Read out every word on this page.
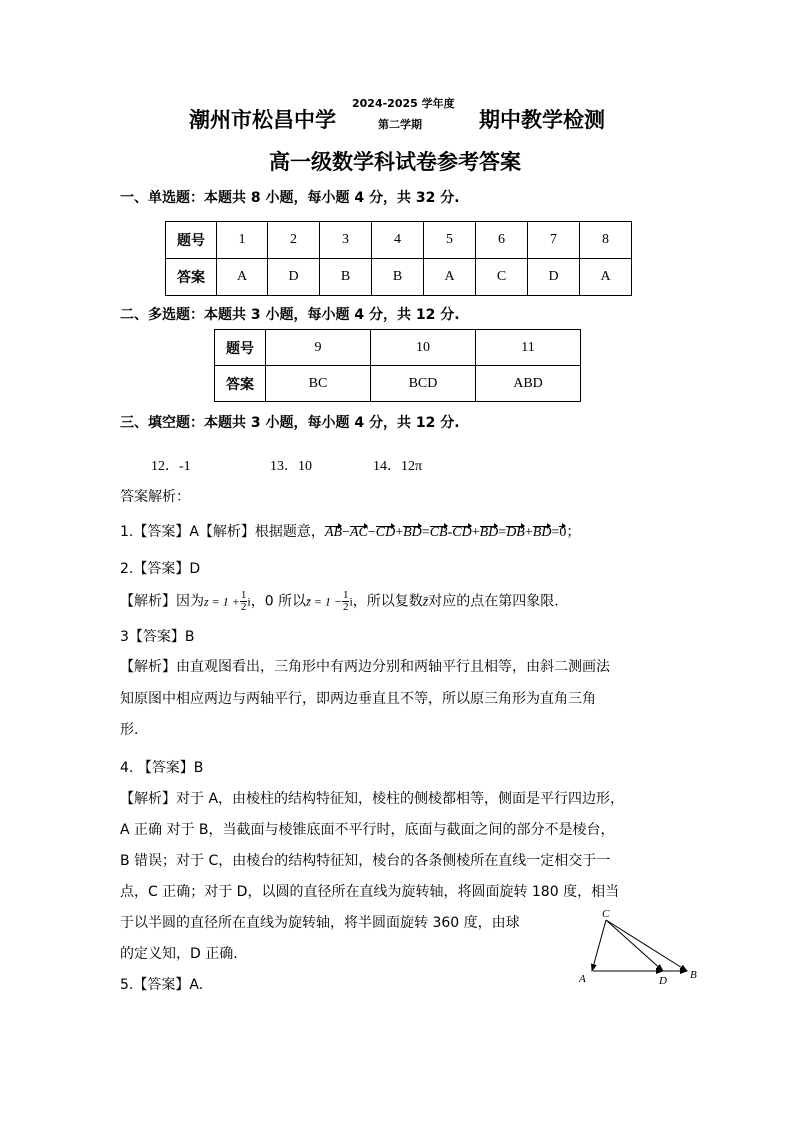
潮州市松昌中学
2024-2025 学年度
第二学期	期中教学检测
高一级数学科试卷参考答案
一、单选题：本题共 8 小题，每小题 4 分，共 32 分.
题号	1	2	3	4	5	6	7	8
答案	A	D	B	B	A	C	D	A
二、多选题：本题共 3 小题，每小题 4 分，共 12 分.
题号	9	10	11
答案	BC	BCD	ABD
三、填空题：本题共 3 小题，每小题 4 分，共 12 分.
12．-1	13．10	14．12π
答案解析：
1.【答案】A【解析】根据题意，AB−AC−CD+BD=CB-CD+BD=DB+BD=0；
2.【答案】D
【解析】因为$z = 1 + \frac{1}{2}$ i，0 所以z̄ = $1 - \frac{1}{2}$ i，所以复数z̄对应的点在第四象限.
3【答案】B
【解析】由直观图看出，三角形中有两边分别和两轴平行且相等，由斜二测画法
知原图中相应两边与两轴平行，即两边垂直且不等，所以原三角形为直角三角
形.
4. 【答案】B
【解析】对于 A，由棱柱的结构特征知，棱柱的侧棱都相等，侧面是平行四边形，
A 正确 对于 B，当截面与棱锥底面不平行时，底面与截面之间的部分不是棱台，
B 错误；对于 C，由棱台的结构特征知，棱台的各条侧棱所在直线一定相交于一
点，C 正确；对于 D，以圆的直径所在直线为旋转轴，将圆面旋转 180 度，相当
于以半圆的直径所在直线为旋转轴，将半圆面旋转 360 度，由球
的定义知，D 正确.
5.【答案】A.
C
A	D B
